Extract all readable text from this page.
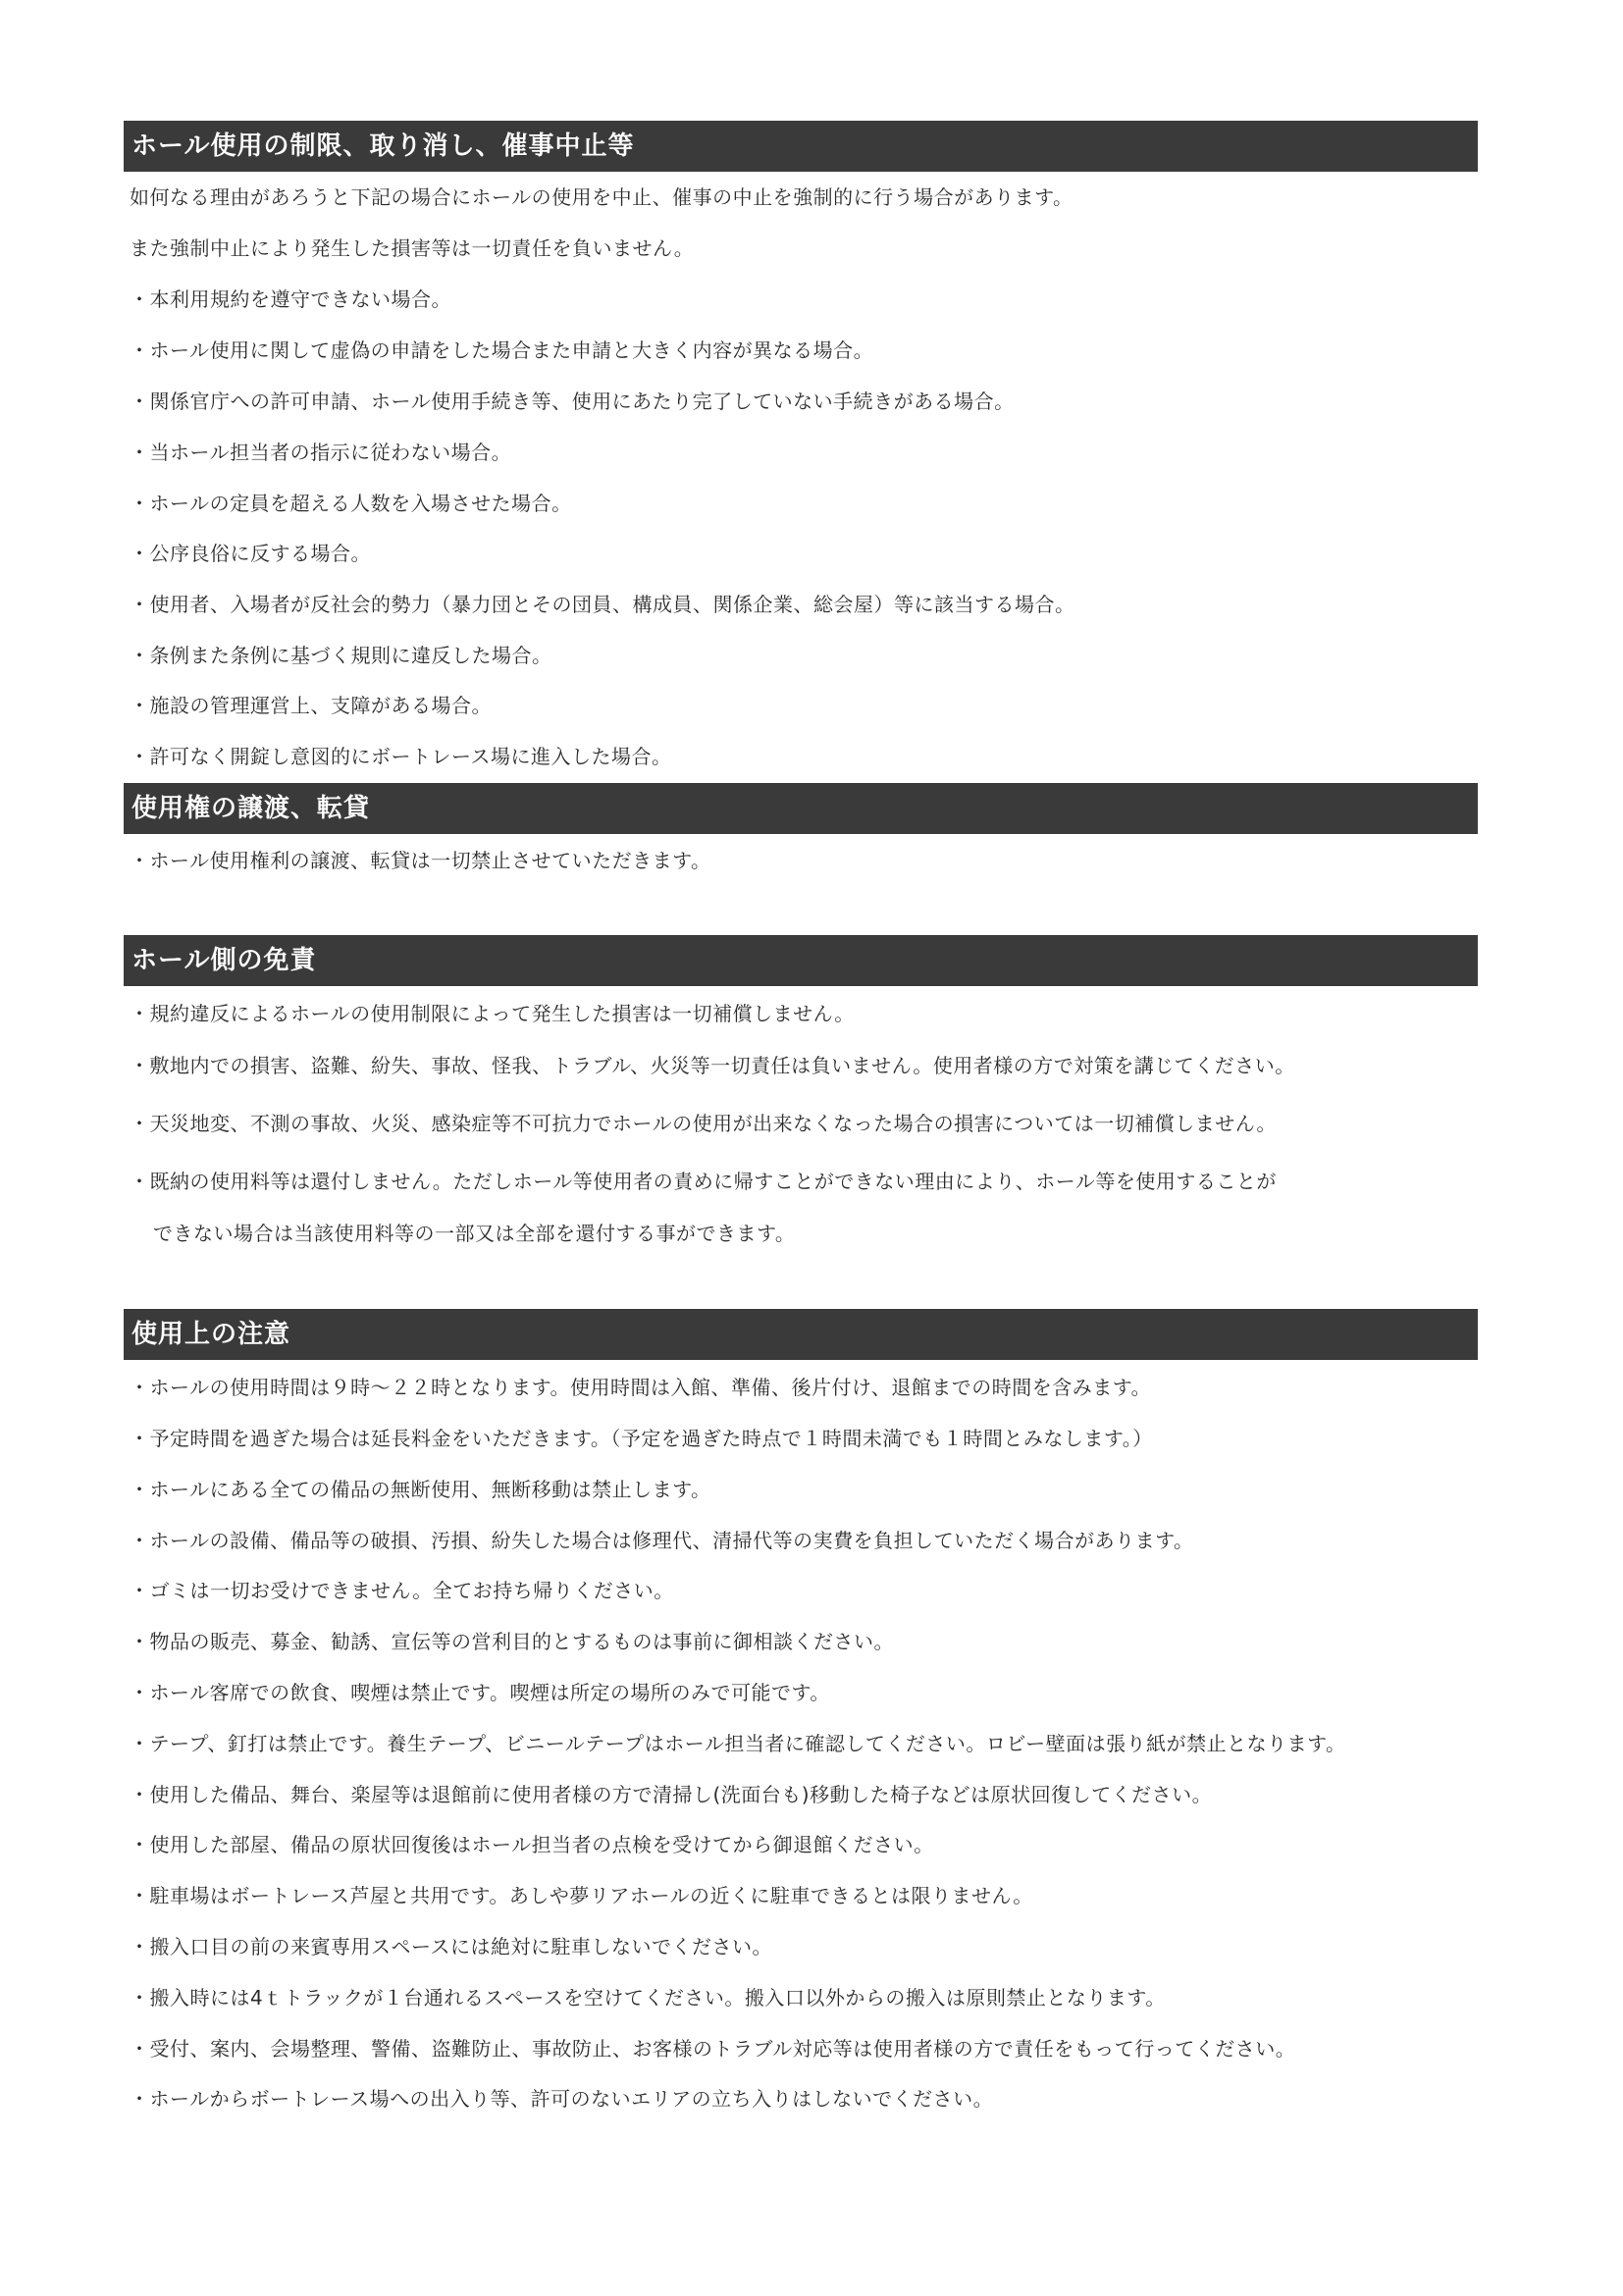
ホール使用の制限、取り消し、催事中止等
如何なる理由があろうと下記の場合にホールの使用を中止、催事の中止を強制的に行う場合があります。
また強制中止により発生した損害等は一切責任を負いません。
・本利用規約を遵守できない場合。
・ホール使用に関して虚偽の申請をした場合また申請と大きく内容が異なる場合。
・関係官庁への許可申請、ホール使用手続き等、使用にあたり完了していない手続きがある場合。
・当ホール担当者の指示に従わない場合。
・ホールの定員を超える人数を入場させた場合。
・公序良俗に反する場合。
・使用者、入場者が反社会的勢力（暴力団とその団員、構成員、関係企業、総会屋）等に該当する場合。
・条例また条例に基づく規則に違反した場合。
・施設の管理運営上、支障がある場合。
・許可なく開錠し意図的にボートレース場に進入した場合。
使用権の譲渡、転貸
・ホール使用権利の譲渡、転貸は一切禁止させていただきます。
ホール側の免責
・規約違反によるホールの使用制限によって発生した損害は一切補償しません。
・敷地内での損害、盗難、紛失、事故、怪我、トラブル、火災等一切責任は負いません。使用者様の方で対策を講じてください。
・天災地変、不測の事故、火災、感染症等不可抗力でホールの使用が出来なくなった場合の損害については一切補償しません。
・既納の使用料等は還付しません。ただしホール等使用者の責めに帰すことができない理由により、ホール等を使用することが
できない場合は当該使用料等の一部又は全部を還付する事ができます。
使用上の注意
・ホールの使用時間は９時～２２時となります。使用時間は入館、準備、後片付け、退館までの時間を含みます。
・予定時間を過ぎた場合は延長料金をいただきます。（予定を過ぎた時点で１時間未満でも１時間とみなします。）
・ホールにある全ての備品の無断使用、無断移動は禁止します。
・ホールの設備、備品等の破損、汚損、紛失した場合は修理代、清掃代等の実費を負担していただく場合があります。
・ゴミは一切お受けできません。全てお持ち帰りください。
・物品の販売、募金、勧誘、宣伝等の営利目的とするものは事前に御相談ください。
・ホール客席での飲食、喫煙は禁止です。喫煙は所定の場所のみで可能です。
・テープ、釘打は禁止です。養生テープ、ビニールテープはホール担当者に確認してください。ロビー壁面は張り紙が禁止となります。
・使用した備品、舞台、楽屋等は退館前に使用者様の方で清掃し(洗面台も)移動した椅子などは原状回復してください。
・使用した部屋、備品の原状回復後はホール担当者の点検を受けてから御退館ください。
・駐車場はボートレース芦屋と共用です。あしや夢リアホールの近くに駐車できるとは限りません。
・搬入口目の前の来賓専用スペースには絶対に駐車しないでください。
・搬入時には4ｔトラックが１台通れるスペースを空けてください。搬入口以外からの搬入は原則禁止となります。
・受付、案内、会場整理、警備、盗難防止、事故防止、お客様のトラブル対応等は使用者様の方で責任をもって行ってください。
・ホールからボートレース場への出入り等、許可のないエリアの立ち入りはしないでください。
